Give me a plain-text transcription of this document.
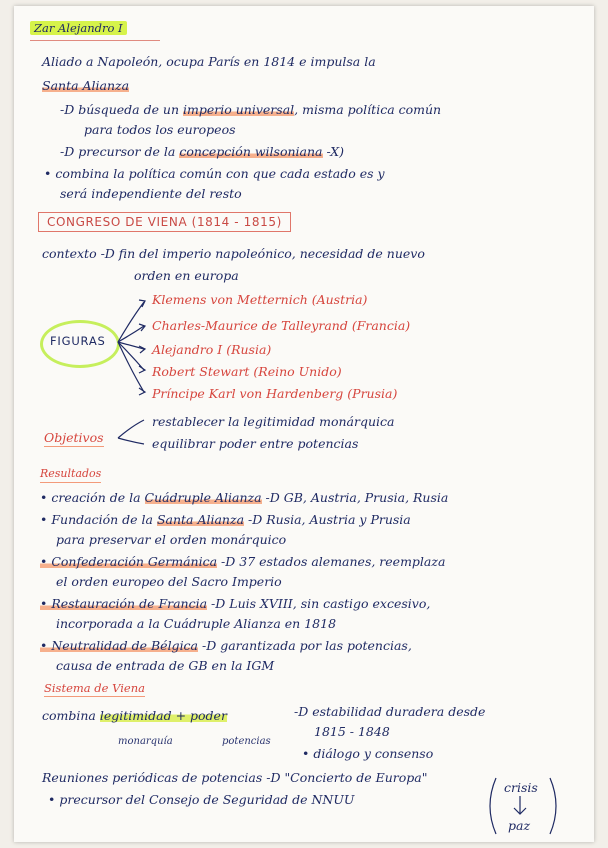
Zar Alejandro I
Aliado a Napoleón, ocupa París en 1814 e impulsa la
Santa Alianza
-D búsqueda de un imperio universal, misma política común
para todos los europeos
-D precursor de la concepción wilsoniana -X)
• combina la política común con que cada estado es y
será independiente del resto
CONGRESO DE VIENA (1814 - 1815)
contexto -D fin del imperio napoleónico, necesidad de nuevo
orden en europa
FIGURAS
Klemens von Metternich (Austria)
Charles-Maurice de Talleyrand (Francia)
Alejandro I (Rusia)
Robert Stewart (Reino Unido)
Príncipe Karl von Hardenberg (Prusia)
Objetivos
restablecer la legitimidad monárquica
equilibrar poder entre potencias
Resultados
• creación de la Cuádruple Alianza -D GB, Austria, Prusia, Rusia
• Fundación de la Santa Alianza -D Rusia, Austria y Prusia
para preservar el orden monárquico
• Confederación Germánica -D 37 estados alemanes, reemplaza
el orden europeo del Sacro Imperio
• Restauración de Francia -D Luis XVIII, sin castigo excesivo,
incorporada a la Cuádruple Alianza en 1818
• Neutralidad de Bélgica -D garantizada por las potencias,
causa de entrada de GB en la IGM
Sistema de Viena
combina legitimidad + poder	-D estabilidad duradera desde
1815 - 1848
monarquía	potencias
• diálogo y consenso
Reuniones periódicas de potencias -D "Concierto de Europa"
• precursor del Consejo de Seguridad de NNUU
crisis
paz
